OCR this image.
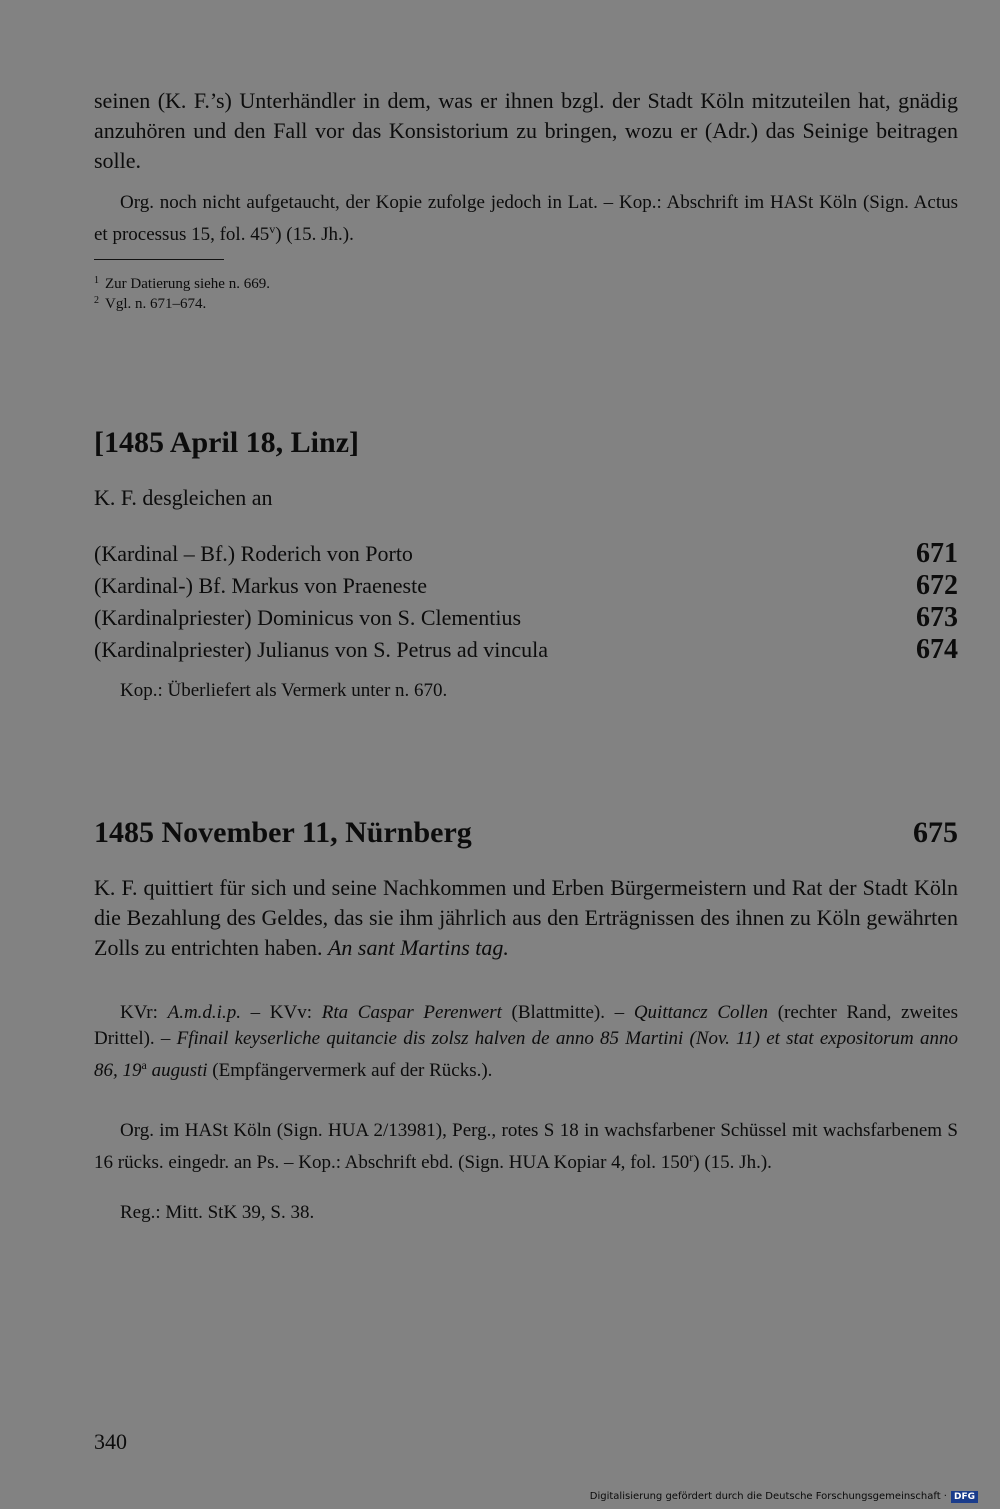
seinen (K. F.’s) Unterhändler in dem, was er ihnen bzgl. der Stadt Köln mitzuteilen hat, gnädig anzuhören und den Fall vor das Konsistorium zu bringen, wozu er (Adr.) das Seinige beitragen solle.

Org. noch nicht aufgetaucht, der Kopie zufolge jedoch in Lat. – Kop.: Abschrift im HASt Köln (Sign. Actus et processus 15, fol. 45$^v$) (15. Jh.).

$^1$ Zur Datierung siehe n. 669.
$^2$ Vgl. n. 671–674.
[1485 April 18, Linz]
K. F. desgleichen an
(Kardinal – Bf.) Roderich von Porto	671
(Kardinal-) Bf. Markus von Praeneste	672
(Kardinalpriester) Dominicus von S. Clementius	673
(Kardinalpriester) Julianus von S. Petrus ad vincula	674
Kop.: Überliefert als Vermerk unter n. 670.
1485 November 11, Nürnberg	675

K. F. quittiert für sich und seine Nachkommen und Erben Bürgermeistern und Rat der Stadt Köln die Bezahlung des Geldes, das sie ihm jährlich aus den Erträgnissen des ihnen zu Köln gewährten Zolls zu entrichten haben. An sant Martins tag.

KVr: A.m.d.i.p. – KVv: Rta Caspar Perenwert (Blattmitte). – Quittancz Collen (rechter Rand, zweites Drittel). – Ffinail keyserliche quitancie dis zolsz halven de anno 85 Martini (Nov. 11) et stat expositorum anno 86, 19$^a$ augusti (Empfängervermerk auf der Rücks.).

Org. im HASt Köln (Sign. HUA 2/13981), Perg., rotes S 18 in wachsfarbener Schüssel mit wachsfarbenem S 16 rücks. eingedr. an Ps. – Kop.: Abschrift ebd. (Sign. HUA Kopiar 4, fol. 150$^r$) (15. Jh.).

Reg.: Mitt. StK 39, S. 38.

340
Digitalisierung gefördert durch die Deutsche Forschungsgemeinschaft · DFG
